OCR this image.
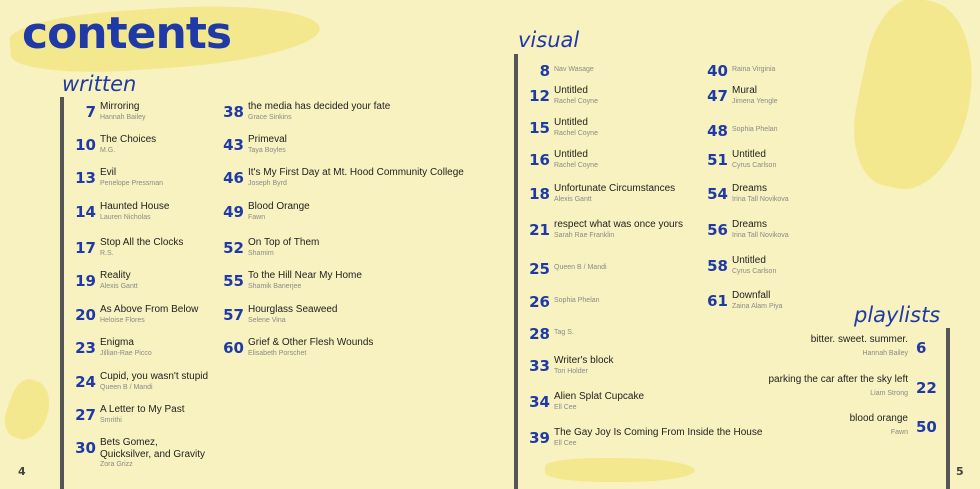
contents
written
visual
playlists
7 Mirroring
Hannah Bailey
10 The Choices
M.G.
13 Evil
Penelope Pressman
14 Haunted House
Lauren Nicholas
17 Stop All the Clocks
R.S.
19 Reality
Alexis Gantt
20 As Above From Below
Heloise Flores
23 Enigma
Jillian-Rae Picco
24 Cupid, you wasn't stupid
Queen B / Mandi
27 A Letter to My Past
Smrithi
30 Bets Gomez, Quicksilver, and Gravity
Zora Grizz
38 the media has decided your fate
Grace Sinkins
43 Primeval
Taya Boyles
46 It's My First Day at Mt. Hood Community College
Joseph Byrd
49 Blood Orange
Fawn
52 On Top of Them
Shamim
55 To the Hill Near My Home
Shamik Banerjee
57 Hourglass Seaweed
Selene Vina
60 Grief & Other Flesh Wounds
Elisabeth Porschet
8 Nav Wasage
12 Untitled
Rachel Coyne
15 Untitled
Rachel Coyne
16 Untitled
Rachel Coyne
18 Unfortunate Circumstances
Alexis Gantt
21 respect what was once yours
Sarah Rae Franklin
25 Queen B / Mandi
26 Sophia Phelan
28 Tag S.
33 Writer's block
Tori Holder
34 Alien Splat Cupcake
Ell Cee
39 The Gay Joy Is Coming From Inside the House
Ell Cee
40 Raina Virginia
47 Mural
Jimena Yengle
48 Sophia Phelan
51 Untitled
Cyrus Carlson
54 Dreams
Irina Tall Novikova
56 Dreams
Irina Tall Novikova
58 Untitled
Cyrus Carlson
61 Downfall
Zaina Alam Piya
bitter. sweet. summer.
Hannah Bailey 6
parking the car after the sky left
Liam Strong 22
blood orange
Fawn 50
4	5
